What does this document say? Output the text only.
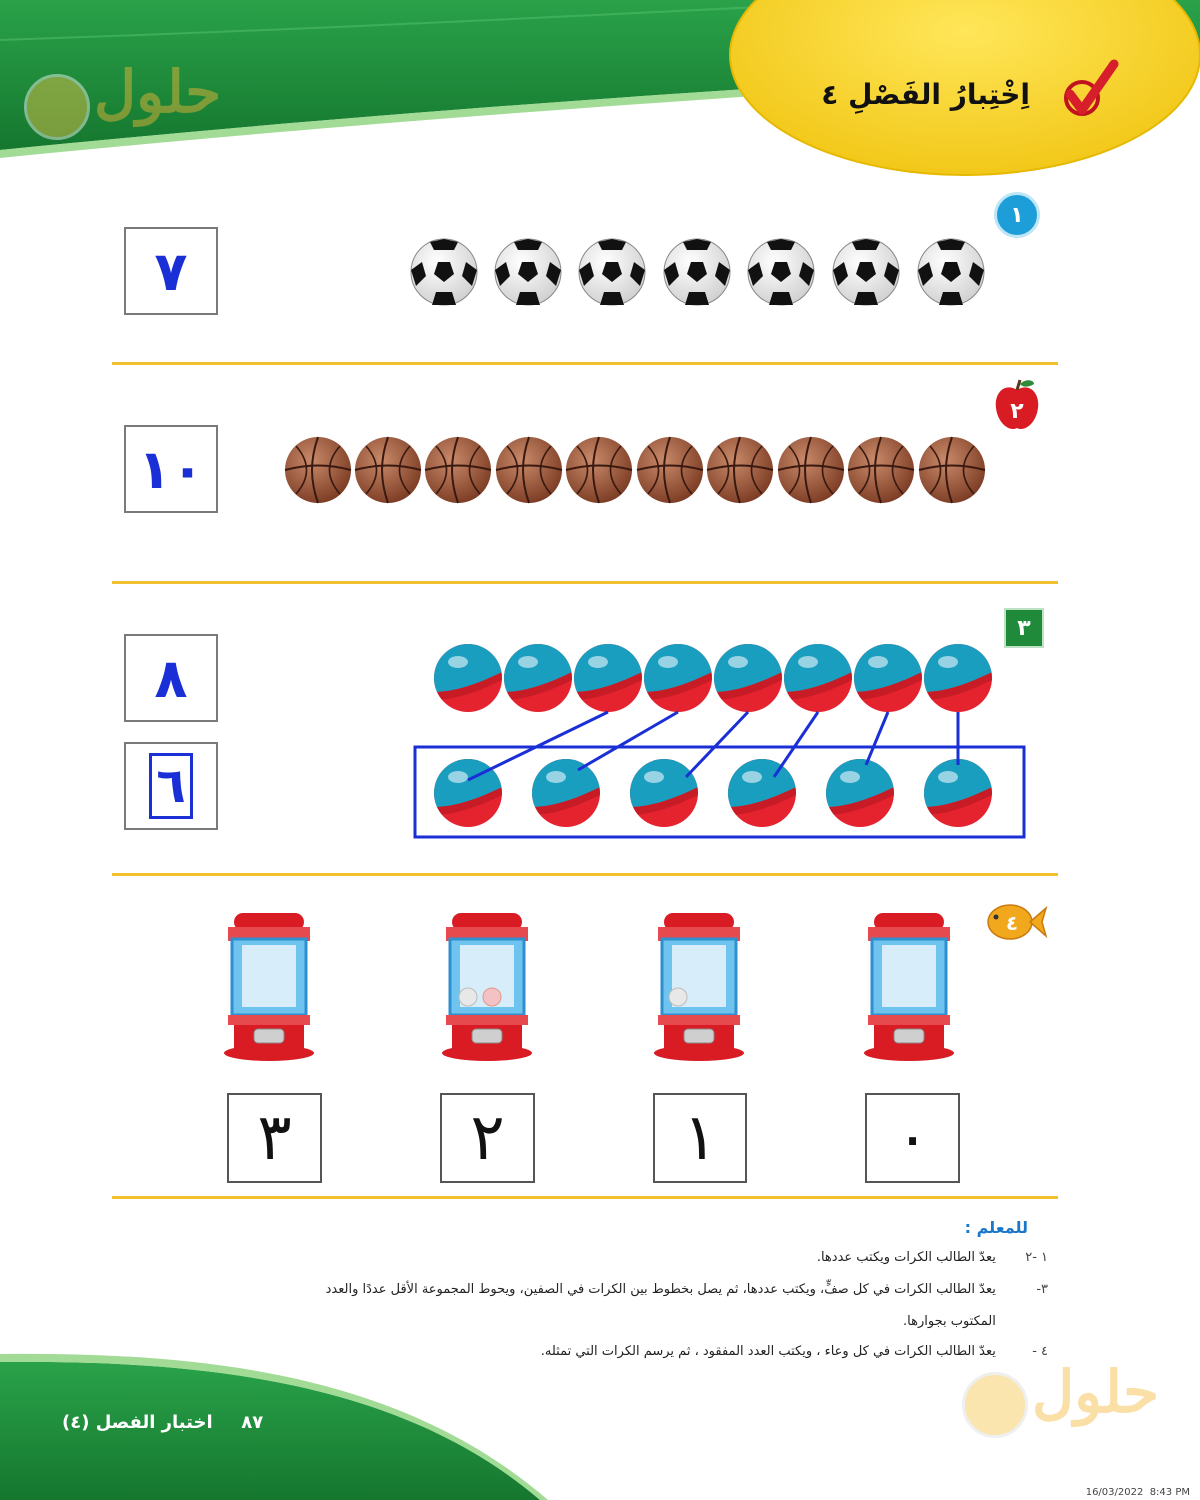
حلول	اِخْتِبارُ الفَصْلِ ٤
١
٧
٢
١٠
٣
٨
٦
٤
٣	٢	١	٠
للمعلم :
١ -٢ يعدّ الطالب الكرات ويكتب عددها.
٣- يعدّ الطالب الكرات في كل صفٍّ، ويكتب عددها، ثم يصل بخطوط بين الكرات في الصفين، ويحوط المجموعة الأقل عددًا والعدد
المكتوب بجوارها.
٤ - يعدّ الطالب الكرات في كل وعاء ، ويكتب العدد المفقود ، ثم يرسم الكرات التي تمثله.
٨٧  اختبار الفصل (٤)	حلول
16/03/2022  8:43 PM
